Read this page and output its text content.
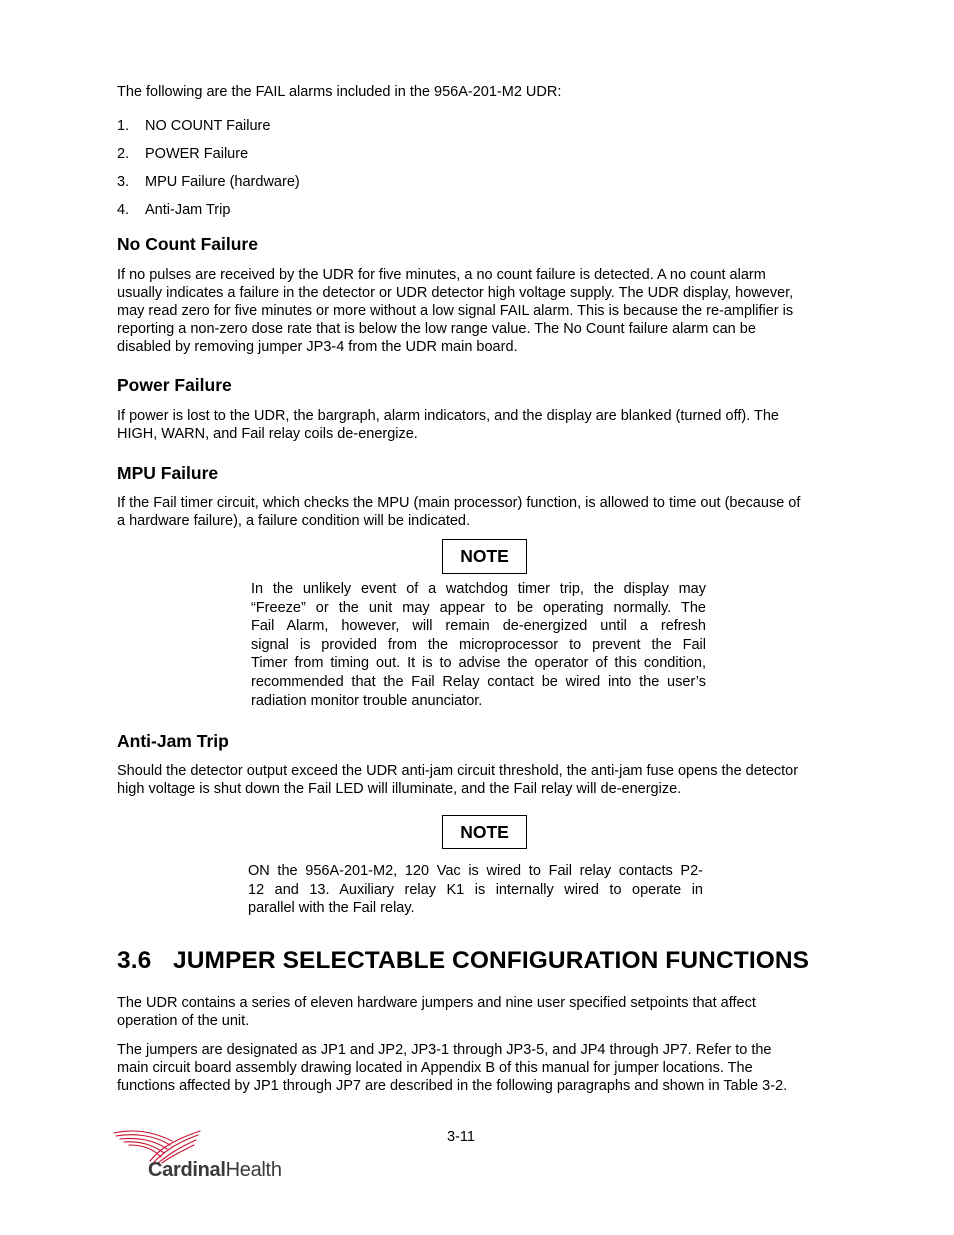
The following are the FAIL alarms included in the 956A-201-M2 UDR:

1. NO COUNT Failure
2. POWER Failure
3. MPU Failure (hardware)
4. Anti-Jam Trip
No Count Failure
If no pulses are received by the UDR for five minutes, a no count failure is detected. A no count alarm
usually indicates a failure in the detector or UDR detector high voltage supply. The UDR display, however,
may read zero for five minutes or more without a low signal FAIL alarm. This is because the re-amplifier is
reporting a non-zero dose rate that is below the low range value. The No Count failure alarm can be
disabled by removing jumper JP3-4 from the UDR main board.
Power Failure
If power is lost to the UDR, the bargraph, alarm indicators, and the display are blanked (turned off). The
HIGH, WARN, and Fail relay coils de-energize.
MPU Failure
If the Fail timer circuit, which checks the MPU (main processor) function, is allowed to time out (because of
a hardware failure), a failure condition will be indicated.
NOTE
In the unlikely event of a watchdog timer trip, the display may
“Freeze” or the unit may appear to be operating normally. The
Fail Alarm, however, will remain de-energized until a refresh
signal is provided from the microprocessor to prevent the Fail
Timer from timing out. It is to advise the operator of this condition,
recommended that the Fail Relay contact be wired into the user’s
radiation monitor trouble anunciator.
Anti-Jam Trip
Should the detector output exceed the UDR anti-jam circuit threshold, the anti-jam fuse opens the detector
high voltage is shut down the Fail LED will illuminate, and the Fail relay will de-energize.
NOTE
ON the 956A-201-M2, 120 Vac is wired to Fail relay contacts P2-
12 and 13. Auxiliary relay K1 is internally wired to operate in
parallel with the Fail relay.
3.6 JUMPER SELECTABLE CONFIGURATION FUNCTIONS
The UDR contains a series of eleven hardware jumpers and nine user specified setpoints that affect
operation of the unit.
The jumpers are designated as JP1 and JP2, JP3-1 through JP3-5, and JP4 through JP7. Refer to the
main circuit board assembly drawing located in Appendix B of this manual for jumper locations. The
functions affected by JP1 through JP7 are described in the following paragraphs and shown in Table 3-2.
3-11
CardinalHealth
